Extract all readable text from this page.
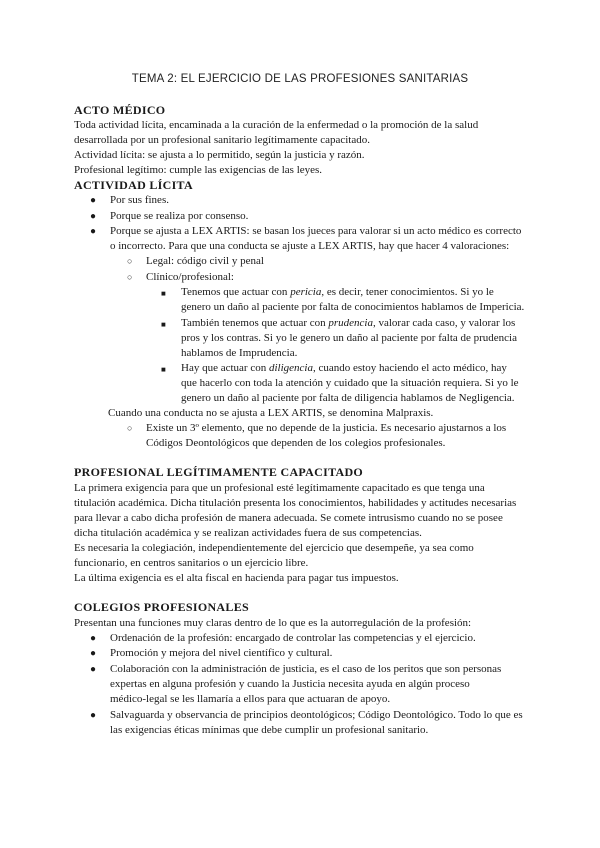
TEMA 2: EL EJERCICIO DE LAS PROFESIONES SANITARIAS
ACTO MÉDICO
Toda actividad lícita, encaminada a la curación de la enfermedad o la promoción de la salud
desarrollada por un profesional sanitario legítimamente capacitado.
Actividad lícita: se ajusta a lo permitido, según la justicia y razón.
Profesional legítimo: cumple las exigencias de las leyes.
ACTIVIDAD LÍCITA
● Por sus fines.
● Porque se realiza por consenso.
● Porque se ajusta a LEX ARTIS: se basan los jueces para valorar si un acto médico es correcto
o incorrecto. Para que una conducta se ajuste a LEX ARTIS, hay que hacer 4 valoraciones:
○ Legal: código civil y penal
○ Clínico/profesional:
■ Tenemos que actuar con pericia, es decir, tener conocimientos. Si yo le
genero un daño al paciente por falta de conocimientos hablamos de Impericia.
■ También tenemos que actuar con prudencia, valorar cada caso, y valorar los
pros y los contras. Si yo le genero un daño al paciente por falta de prudencia
hablamos de Imprudencia.
■ Hay que actuar con diligencia, cuando estoy haciendo el acto médico, hay
que hacerlo con toda la atención y cuidado que la situación requiera. Si yo le
genero un daño al paciente por falta de diligencia hablamos de Negligencia.
Cuando una conducta no se ajusta a LEX ARTIS, se denomina Malpraxis.
○ Existe un 3º elemento, que no depende de la justicia. Es necesario ajustarnos a los
Códigos Deontológicos que dependen de los colegios profesionales.
PROFESIONAL LEGÍTIMAMENTE CAPACITADO
La primera exigencia para que un profesional esté legítimamente capacitado es que tenga una
titulación académica. Dicha titulación presenta los conocimientos, habilidades y actitudes necesarias
para llevar a cabo dicha profesión de manera adecuada. Se comete intrusismo cuando no se posee
dicha titulación académica y se realizan actividades fuera de sus competencias.
Es necesaria la colegiación, independientemente del ejercicio que desempeñe, ya sea como
funcionario, en centros sanitarios o un ejercicio libre.
La última exigencia es el alta fiscal en hacienda para pagar tus impuestos.
COLEGIOS PROFESIONALES
Presentan una funciones muy claras dentro de lo que es la autorregulación de la profesión:
● Ordenación de la profesión: encargado de controlar las competencias y el ejercicio.
● Promoción y mejora del nivel científico y cultural.
● Colaboración con la administración de justicia, es el caso de los peritos que son personas
expertas en alguna profesión y cuando la Justicia necesita ayuda en algún proceso
médico-legal se les llamaría a ellos para que actuaran de apoyo.
● Salvaguarda y observancia de principios deontológicos; Código Deontológico. Todo lo que es
las exigencias éticas mínimas que debe cumplir un profesional sanitario.
